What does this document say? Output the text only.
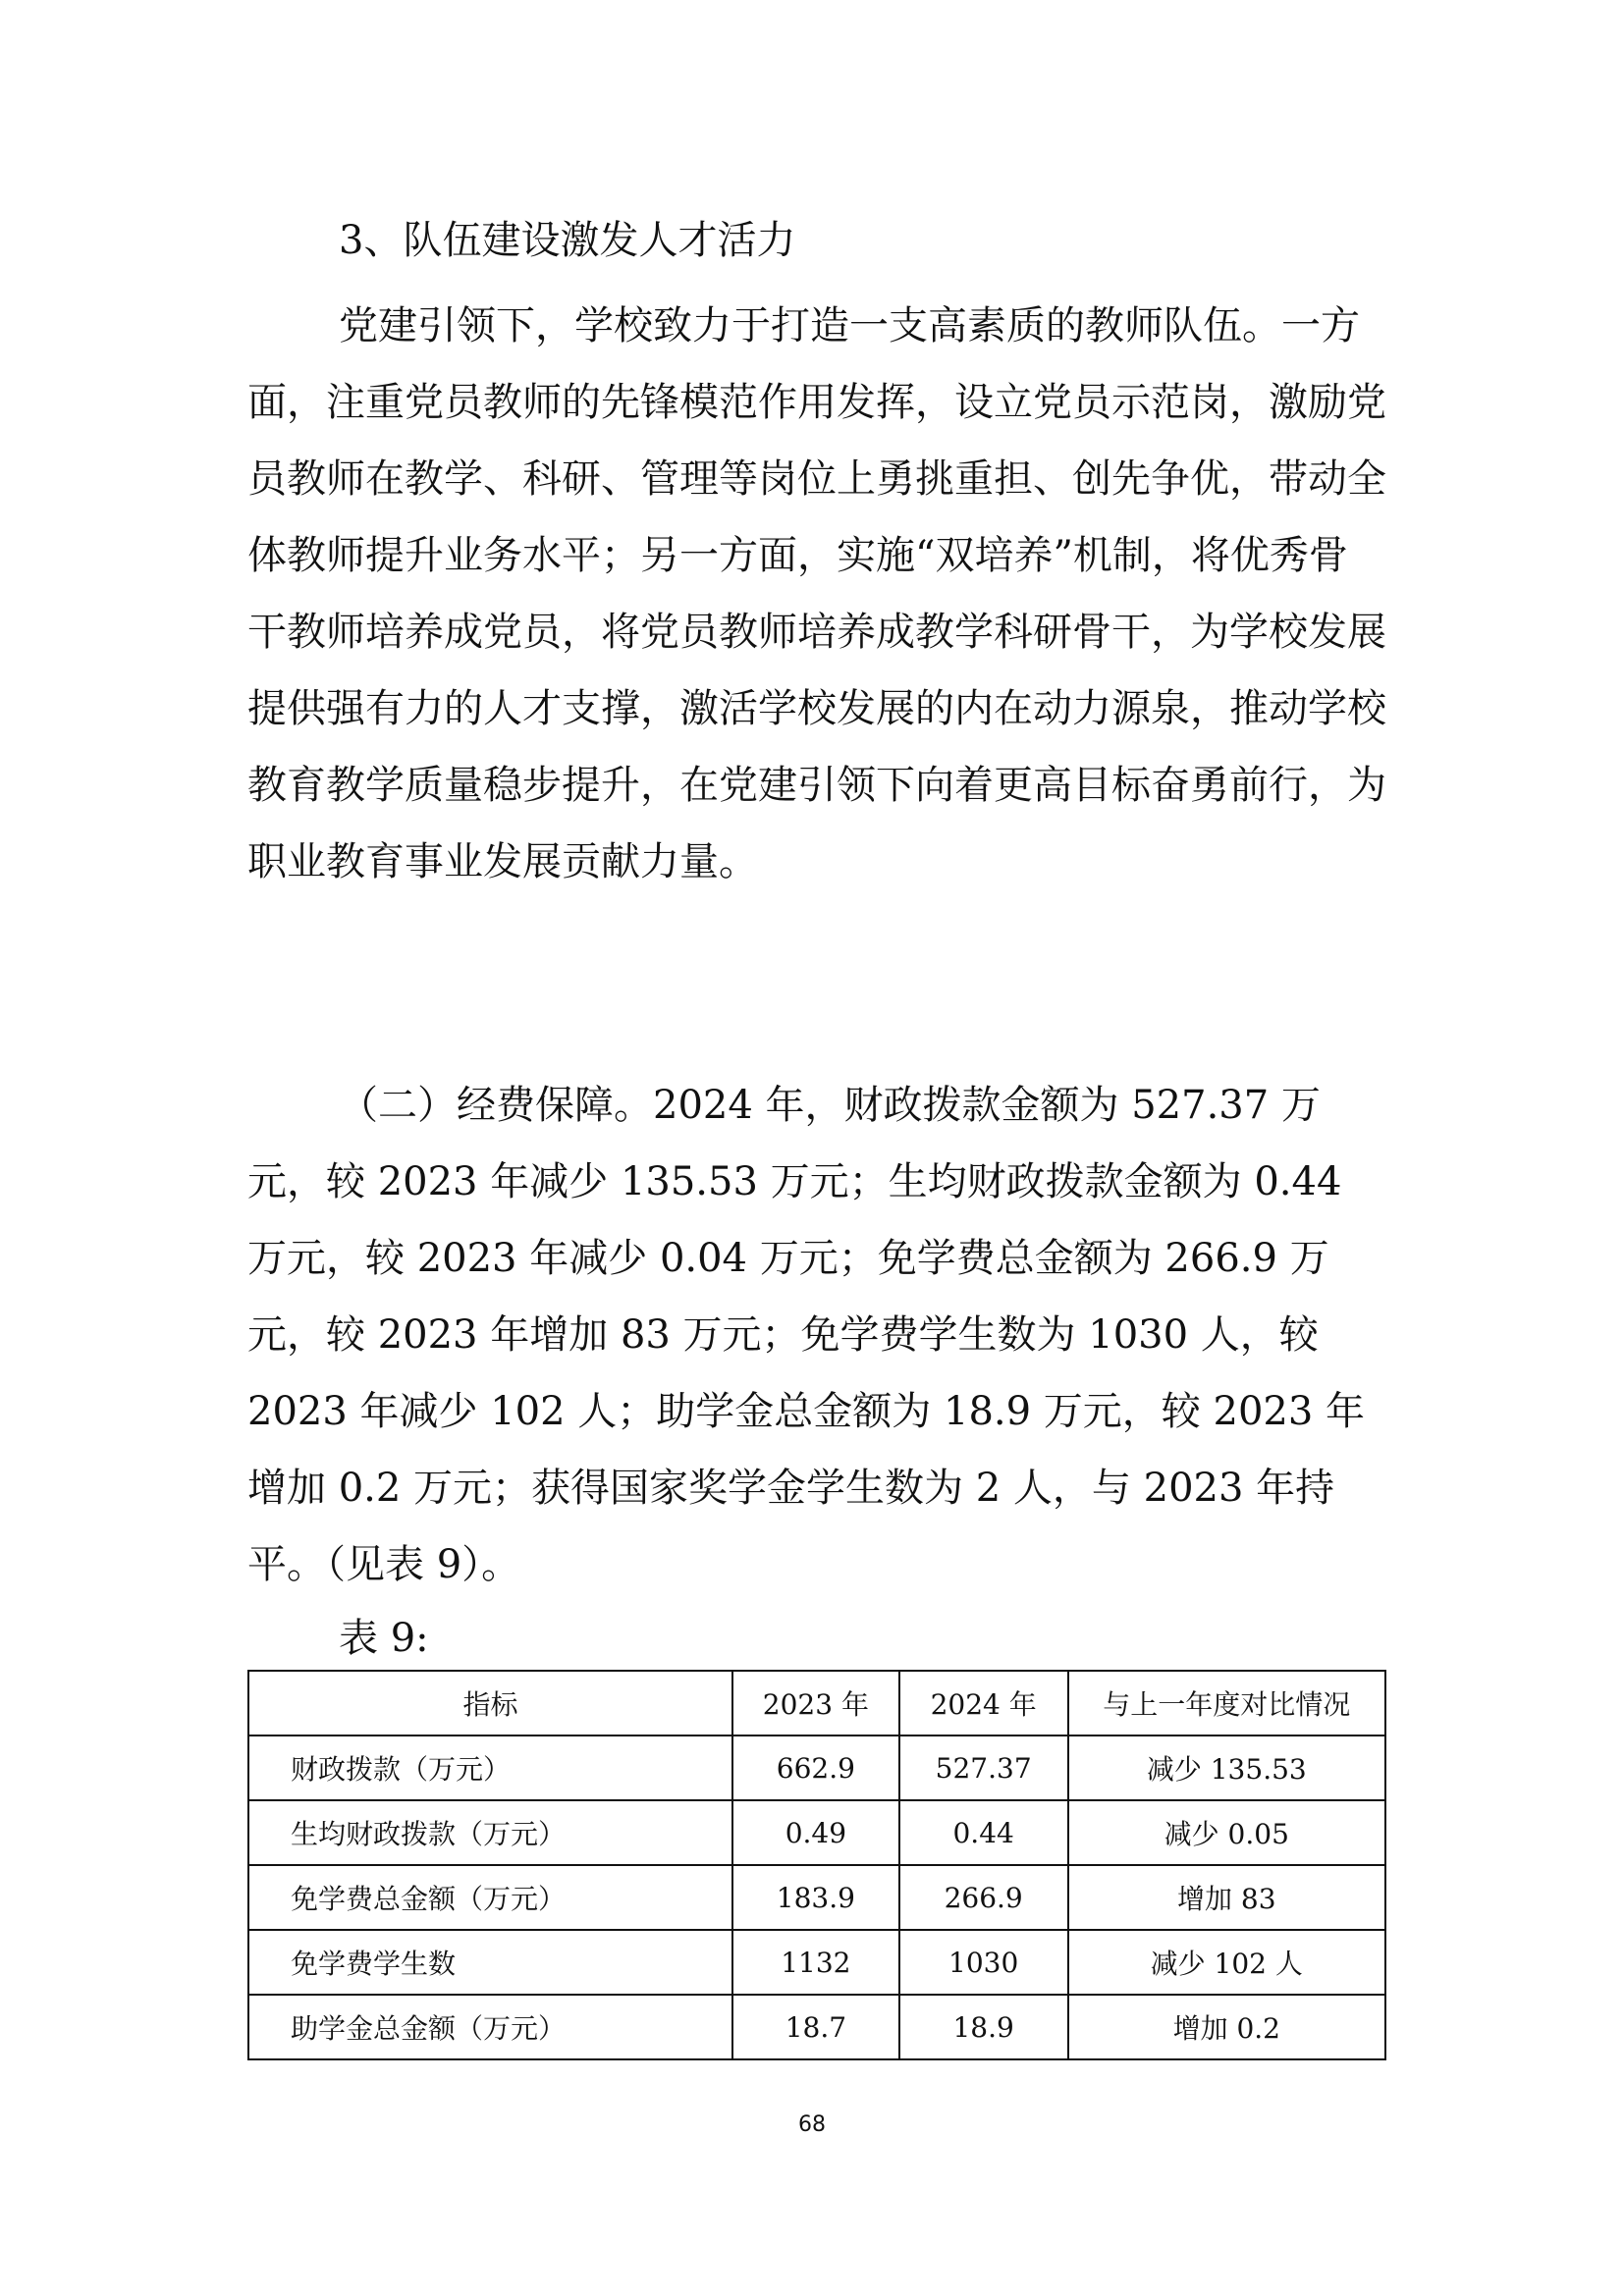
3、队伍建设激发人才活力

党建引领下，学校致力于打造一支高素质的教师队伍。一方面，注重党员教师的先锋模范作用发挥，设立党员示范岗，激励党员教师在教学、科研、管理等岗位上勇挑重担、创先争优，带动全体教师提升业务水平；另一方面，实施“双培养”机制，将优秀骨干教师培养成党员，将党员教师培养成教学科研骨干，为学校发展提供强有力的人才支撑，激活学校发展的内在动力源泉，推动学校教育教学质量稳步提升，在党建引领下向着更高目标奋勇前行，为职业教育事业发展贡献力量。

（二）经费保障。2024 年，财政拨款金额为 527.37 万元，较 2023 年减少 135.53 万元；生均财政拨款金额为 0.44 万元，较 2023 年减少 0.04 万元；免学费总金额为 266.9 万元，较 2023 年增加 83 万元；免学费学生数为 1030 人，较 2023 年减少 102 人；助学金总金额为 18.9 万元，较 2023 年增加 0.2 万元；获得国家奖学金学生数为 2 人，与 2023 年持平。（见表 9）。

表 9:
指标	2023 年	2024 年	与上一年度对比情况
财政拨款（万元）	662.9	527.37	减少 135.53
生均财政拨款（万元）	0.49	0.44	减少 0.05
免学费总金额（万元）	183.9	266.9	增加 83
免学费学生数	1132	1030	减少 102 人
助学金总金额（万元）	18.7	18.9	增加 0.2
68
